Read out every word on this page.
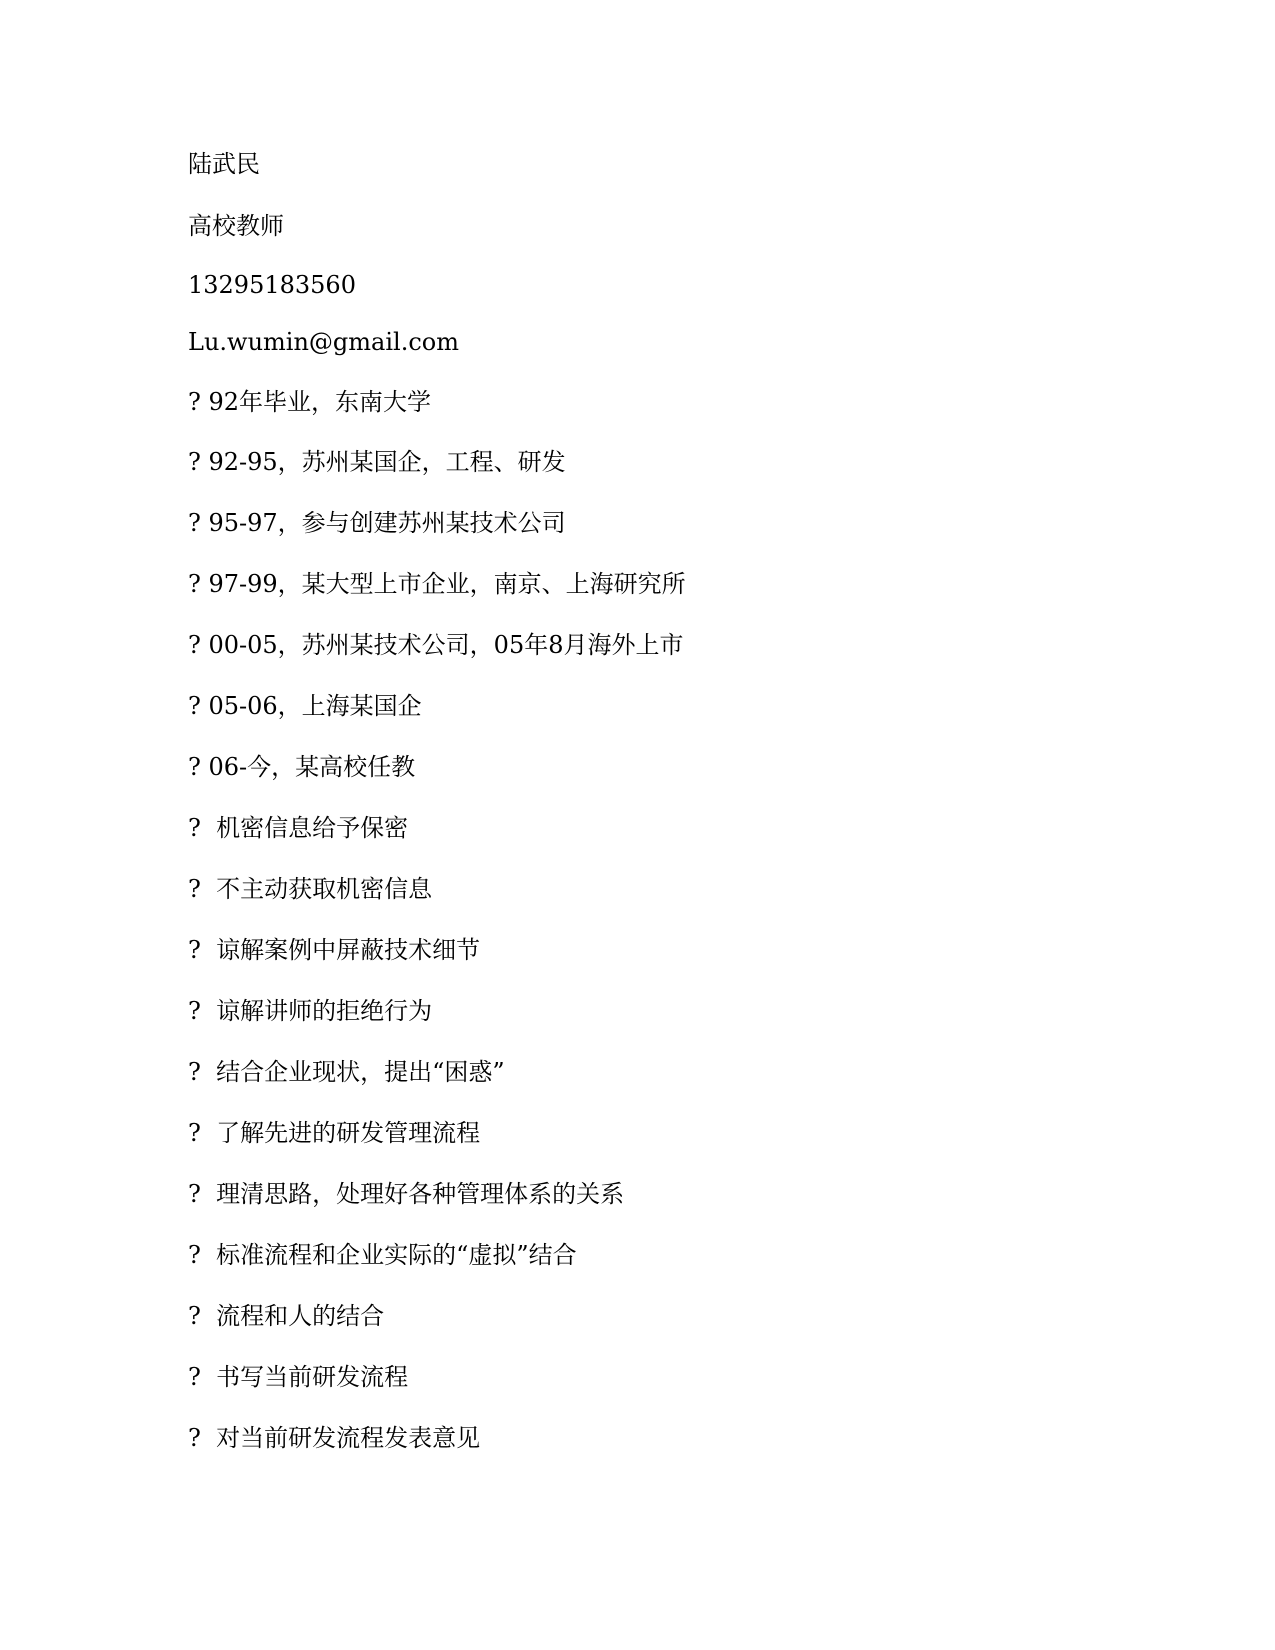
陆武民
高校教师
13295183560
Lu.wumin@gmail.com
? 92年毕业，东南大学
? 92-95，苏州某国企，工程、研发
? 95-97，参与创建苏州某技术公司
? 97-99，某大型上市企业，南京、上海研究所
? 00-05，苏州某技术公司，05年8月海外上市
? 05-06，上海某国企
? 06-今，某高校任教
?  机密信息给予保密
?  不主动获取机密信息
?  谅解案例中屏蔽技术细节
?  谅解讲师的拒绝行为
?  结合企业现状，提出“困惑”
?  了解先进的研发管理流程
?  理清思路，处理好各种管理体系的关系
?  标准流程和企业实际的“虚拟”结合
?  流程和人的结合
?  书写当前研发流程
?  对当前研发流程发表意见
